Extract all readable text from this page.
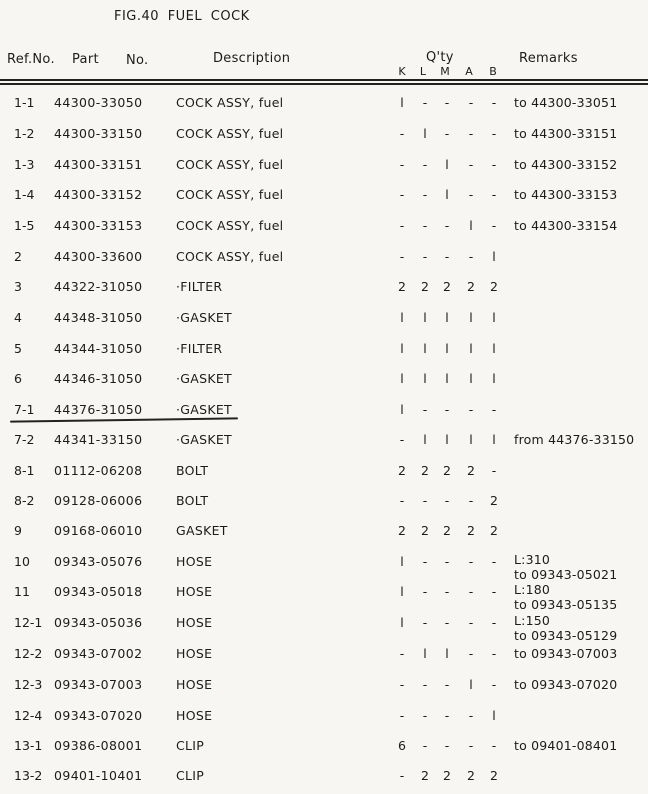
FIG.40 FUEL COCK
Ref.No. Part No.	Description	Q'ty	Remarks
K L M A B
1-1 44300-33050	COCK ASSY, fuel	l	-	-	-	-	to 44300-33051
1-2 44300-33150	COCK ASSY, fuel	-	l	-	-	-	to 44300-33151
1-3 44300-33151	COCK ASSY, fuel	-	-	l	-	-	to 44300-33152
1-4 44300-33152	COCK ASSY, fuel	-	-	l	-	-	to 44300-33153
1-5 44300-33153	COCK ASSY, fuel	-	-	-	l	-	to 44300-33154
2	44300-33600	COCK ASSY, fuel	-	-	-	-	l
3	44322-31050	·FILTER	2 2 2 2 2
4	44348-31050	·GASKET	l	l	l	l	l
5	44344-31050	·FILTER	l	l	l	l	l
6	44346-31050	·GASKET	l	l	l	l	l
7-1 44376-31050	·GASKET	l	-	-	-	-
7-2 44341-33150	·GASKET	-	l	l	l	l	from 44376-33150
8-1 01112-06208	BOLT	2 2 2 2 -
8-2 09128-06006	BOLT	-	-	-	-	2
9	09168-06010	GASKET	2 2 2 2 2
10 09343-05076	HOSE	l	-	-	-	-	L:310
to 09343-05021
11 09343-05018	HOSE	l	-	-	-	-	L:180
to 09343-05135
12-1 09343-05036	HOSE	l	-	-	-	-	L:150
to 09343-05129
12-2 09343-07002	HOSE	-	l	l	-	-	to 09343-07003
12-3 09343-07003	HOSE	-	-	-	l	-	to 09343-07020
12-4 09343-07020	HOSE	-	-	-	-	l
13-1 09386-08001	CLIP	6 -	-	-	-	to 09401-08401
13-2 09401-10401	CLIP	-	2 2 2 2
